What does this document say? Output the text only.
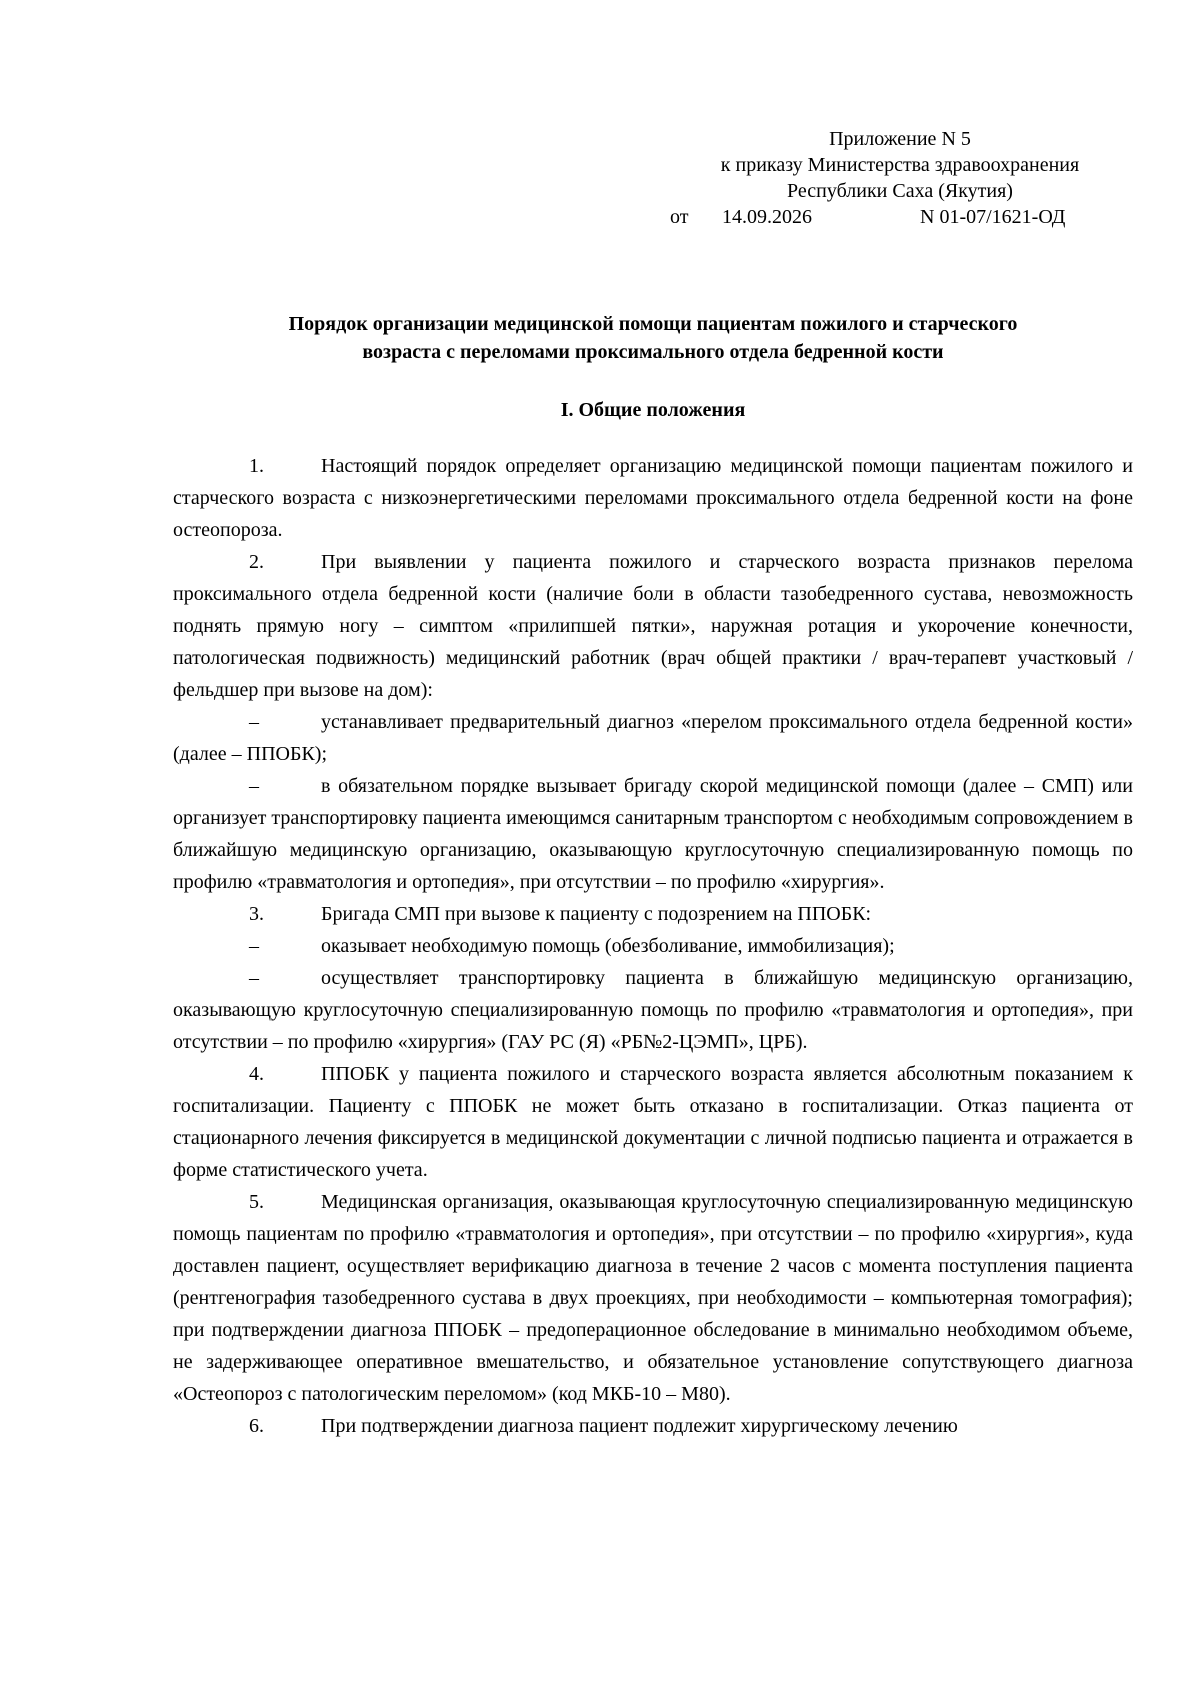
Приложение N 5
к приказу Министерства здравоохранения
Республики Саха (Якутия)
от 14.09.2026	N 01-07/1621-ОД
Порядок организации медицинской помощи пациентам пожилого и старческого
возраста с переломами проксимального отдела бедренной кости
I. Общие положения

1.	Настоящий порядок определяет организацию медицинской помощи пациентам пожилого и старческого возраста с низкоэнергетическими переломами проксимального отдела бедренной кости на фоне остеопороза.

2.	При выявлении у пациента пожилого и старческого возраста признаков перелома проксимального отдела бедренной кости (наличие боли в области тазобедренного сустава, невозможность поднять прямую ногу – симптом «прилипшей пятки», наружная ротация и укорочение конечности, патологическая подвижность) медицинский работник (врач общей практики / врач-терапевт участковый / фельдшер при вызове на дом):

–	устанавливает предварительный диагноз «перелом проксимального отдела бедренной кости» (далее – ППОБК);

–	в обязательном порядке вызывает бригаду скорой медицинской помощи (далее – СМП) или организует транспортировку пациента имеющимся санитарным транспортом с необходимым сопровождением в ближайшую медицинскую организацию, оказывающую круглосуточную специализированную помощь по профилю «травматология и ортопедия», при отсутствии – по профилю «хирургия».

3.	Бригада СМП при вызове к пациенту с подозрением на ППОБК:

–	оказывает необходимую помощь (обезболивание, иммобилизация);

–	осуществляет транспортировку пациента в ближайшую медицинскую организацию, оказывающую круглосуточную специализированную помощь по профилю «травматология и ортопедия», при отсутствии – по профилю «хирургия» (ГАУ РС (Я) «РБ№2-ЦЭМП», ЦРБ).

4.	ППОБК у пациента пожилого и старческого возраста является абсолютным показанием к госпитализации. Пациенту с ППОБК не может быть отказано в госпитализации. Отказ пациента от стационарного лечения фиксируется в медицинской документации с личной подписью пациента и отражается в форме статистического учета.

5.	Медицинская организация, оказывающая круглосуточную специализированную медицинскую помощь пациентам по профилю «травматология и ортопедия», при отсутствии – по профилю «хирургия», куда доставлен пациент, осуществляет верификацию диагноза в течение 2 часов с момента поступления пациента (рентгенография тазобедренного сустава в двух проекциях, при необходимости – компьютерная томография); при подтверждении диагноза ППОБК – предоперационное обследование в минимально необходимом объеме, не задерживающее оперативное вмешательство, и обязательное установление сопутствующего диагноза «Остеопороз с патологическим переломом» (код МКБ-10 – М80).

6.	При подтверждении диагноза пациент подлежит хирургическому лечению
